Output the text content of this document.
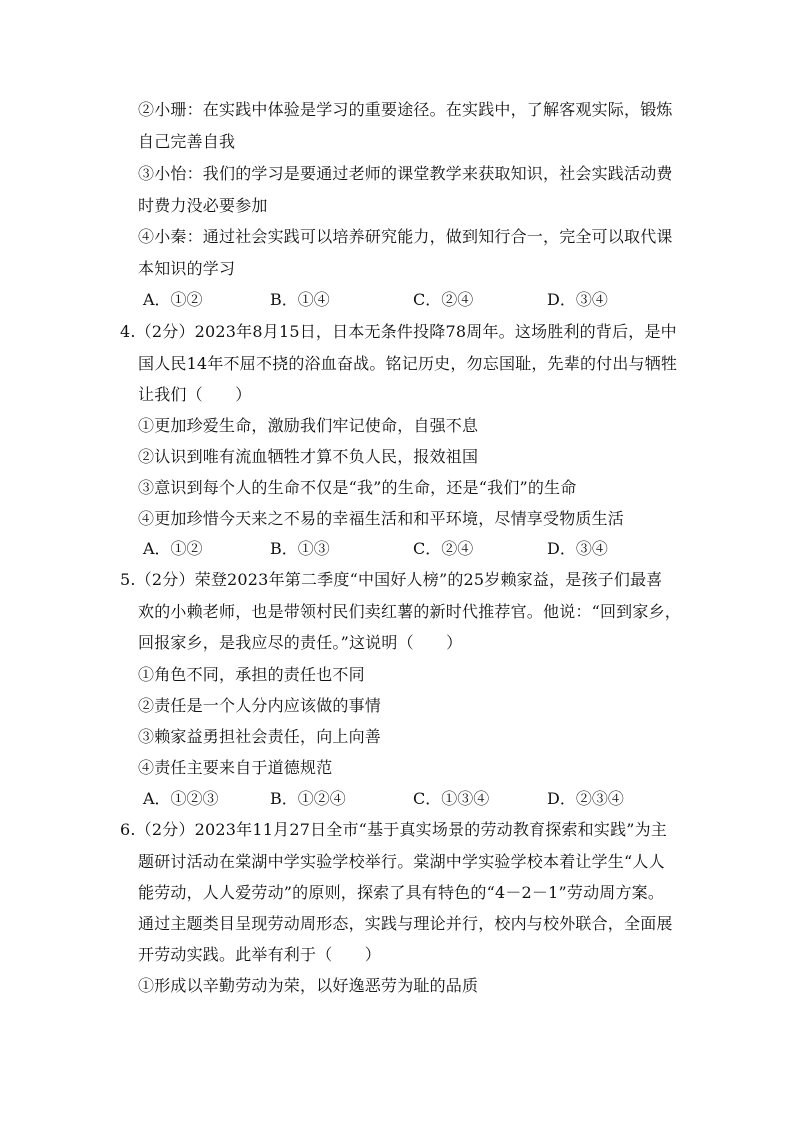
②小珊：在实践中体验是学习的重要途径。在实践中，了解客观实际，锻炼
自己完善自我
③小怡：我们的学习是要通过老师的课堂教学来获取知识，社会实践活动费
时费力没必要参加
④小秦：通过社会实践可以培养研究能力，做到知行合一，完全可以取代课
本知识的学习
A．①②	B．①④	C．②④	D．③④
4.（2分）2023年8月15日，日本无条件投降78周年。这场胜利的背后，是中
国人民14年不屈不挠的浴血奋战。铭记历史，勿忘国耻，先辈的付出与牺牲
让我们（　　）
①更加珍爱生命，激励我们牢记使命，自强不息
②认识到唯有流血牺牲才算不负人民，报效祖国
③意识到每个人的生命不仅是“我”的生命，还是“我们”的生命
④更加珍惜今天来之不易的幸福生活和和平环境，尽情享受物质生活
A．①②	B．①③	C．②④	D．③④
5.（2分）荣登2023年第二季度“中国好人榜”的25岁赖家益，是孩子们最喜
欢的小赖老师，也是带领村民们卖红薯的新时代推荐官。他说：“回到家乡，
回报家乡，是我应尽的责任。”这说明（　　）
①角色不同，承担的责任也不同
②责任是一个人分内应该做的事情
③赖家益勇担社会责任，向上向善
④责任主要来自于道德规范
A．①②③	B．①②④	C．①③④	D．②③④
6.（2分）2023年11月27日全市“基于真实场景的劳动教育探索和实践”为主
题研讨活动在棠湖中学实验学校举行。棠湖中学实验学校本着让学生“人人
能劳动，人人爱劳动”的原则，探索了具有特色的“4－2－1”劳动周方案。
通过主题类目呈现劳动周形态，实践与理论并行，校内与校外联合，全面展
开劳动实践。此举有利于（　　）
①形成以辛勤劳动为荣，以好逸恶劳为耻的品质
